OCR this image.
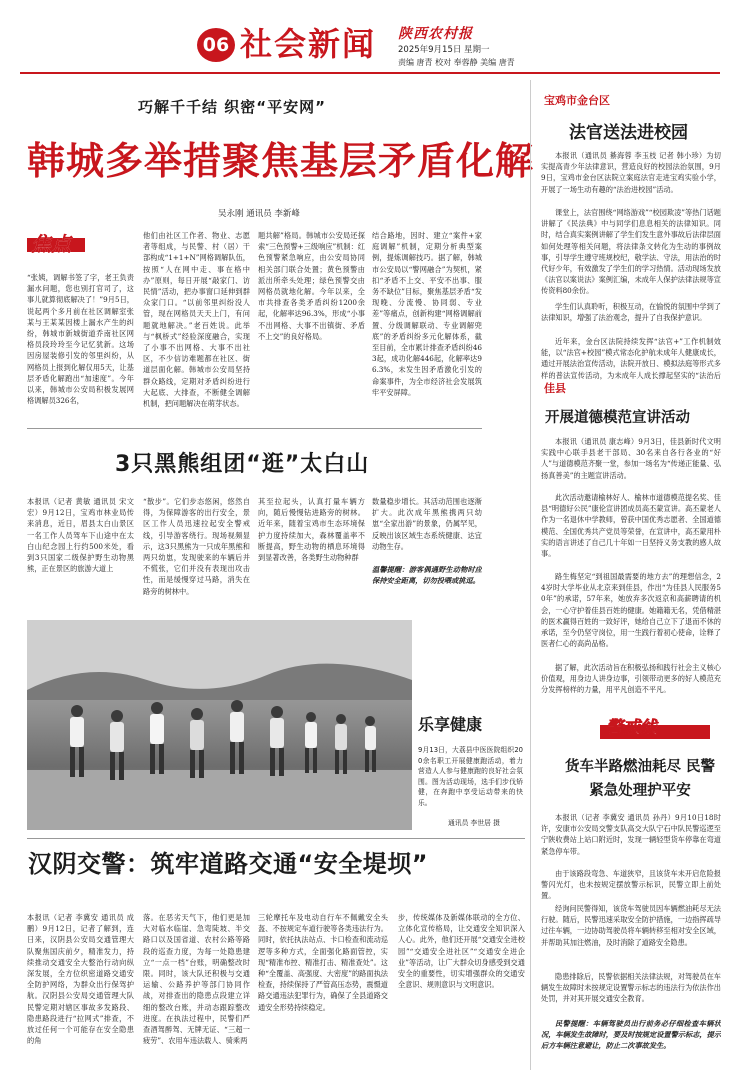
06 社会新闻 陕西农村报
2025年9月15日 星期一
责编 唐青 校对 奉蓉静 美编 唐青
巧解千千结 织密“平安网”
韩城多举措聚焦基层矛盾化解
吴永刚 通讯员 李新峰
焦点
“张姨，调解书签了字，老王负责漏水问题，您也别打官司了，这事儿就算彻底解决了！”9月5日，说起两个多月前在社区调解室张某与王某某因楼上漏水产生的纠纷，韩城市新城街道乔南社区网格员段玲玲至今记忆犹新。这场因房屋装修引发的邻里纠纷，从网格员上报到化解仅用5天，让基层矛盾化解跑出“加速度”。今年以来，韩城市公安局积极发展网格调解员326名，
他们由社区工作者、物业、志愿者等组成，与民警、村（居）干部构成“1+1+N”网格调解队伍，按照“人在网中走、事在格中办”原则，每日开展“敲家门、访民情”活动，把办事窗口延伸到群众家门口。“以前邻里纠纷没人管，现在网格员天天上门，有问题就地解决。”老百姓说。此举与“枫桥式”经验深度融合，实现了小事不出网格、大事不出社区，不少信访难题都在社区、街道层面化解。韩城市公安局坚持群众路线，定期对矛盾纠纷进行大起底、大排查，不断健全调解机制，把问题解决在萌芽状态。
题共解”格局。韩城市公安局还探索“三色预警+三级响应”机制：红色预警紧急响应，由公安局协同相关部门联合处置；黄色预警由派出所牵头处理；绿色预警交由网格员就地化解。今年以来，全市共排查各类矛盾纠纷1200余起，化解率达96.3%，形成“小事不出网格、大事不出镇街、矛盾不上交”的良好格局。
结合路地，因时、建立“案件+家庭调解”机制，定期分析典型案例，提炼调解技巧。据了解，韩城市公安局以“警网融合”为契机，紧扣“矛盾不上交、平安不出事、服务不缺位”目标，聚焦基层矛盾“发现晚、分流慢、协同弱、专业差”等痛点，创新构建“网格调解前置、分级调解联动、专业调解兜底”的矛盾纠纷多元化解体系，截至目前，全市累计排查矛盾纠纷463起，成功化解446起，化解率达96.3%，未发生因矛盾激化引发的命案事件，为全市经济社会发展筑牢平安屏障。
3只黑熊组团“逛”太白山
本报讯（记者 黄敏 通讯员 宋文宏）9月12日，宝鸡市林业局传来消息，近日，眉县太白山景区一名工作人员驾车下山途中在太白山纪念园上行约500米处，看到3只国家二级保护野生动物黑熊，正在景区的旅游大道上
“散步”。它们步态悠闲，悠然自得，为保障游客的出行安全，景区工作人员迅速拉起安全警戒线，引导游客绕行。现场视频显示，这3只黑熊为一只成年黑熊和两只幼崽，发现驶来的车辆后并不慌张，它们并没有表现出攻击性，而是缓慢穿过马路，消失在路旁的树林中。
其至拉起头，认真打量车辆方向，随后慢慢钻进路旁的树林。近年来，随着宝鸡市生态环境保护力度持续加大，森林覆盖率不断提高，野生动物的栖息环境得到显著改善，各类野生动物种群
数量稳步增长。其活动范围也逐渐扩大。此次成年黑熊携两只幼崽“全家出游”的景象，仍属罕见，反映出该区域生态系统健康、达宜动物生存。
温馨提醒：游客偶遇野生动物时应保持安全距离，切勿投喂或挑逗。
乐享健康
9月13日，大荔县中医医院组织200余名职工开展健康跑活动，着力营造人人参与健康跑的良好社会氛围。图为活动现场，选手们步伐矫健，在奔跑中享受运动带来的快乐。
通讯员 李世居 摄
汉阴交警：筑牢道路交通“安全堤坝”
本报讯（记者 李冀安 通讯员 成鹏）9月12日，记者了解到，连日来，汉阴县公安局交通管理大队聚焦国庆前夕，精准发力，持续推动交通安全大整治行动向纵深发展，全方位织密道路交通安全防护网络，为群众出行保驾护航。汉阴县公安局交通管理大队民警定期对辖区事故多发路段、隐患路段进行“拉网式”排查，不放过任何一个可能存在安全隐患的角
落。在恶劣天气下，他们更是加大对临水临崖、急弯陡坡、半交路口以及国省道、农村公路等路段的巡查力度，为每一处隐患建立“一点一档”台账，明确整改时限。同时，该大队还积极与交通运输、公路养护等部门协同作战，对排查出的隐患点段建立详细的整改台账，并动态跟踪整改进度。在执法过程中，民警们严查酒驾醉驾、无牌无证、“三超一疲劳”、农用车违法载人、骑乘两
三轮摩托车及电动自行车不佩戴安全头盔、不按规定车道行驶等各类违法行为。同时，依托执法站点、卡口检查和流动巡逻等多种方式，全面强化路面管控，实现“精准布控、精准打击、精准查处”。这种“全覆盖、高强度、大密度”的路面执法检查，持续保持了严管高压态势，震慑道路交通违法犯罪行为，确保了全县道路交通安全形势持续稳定。
步，传统媒体及新媒体联动的全方位、立体化宣传格局，让交通安全知识深入人心。此外，他们还开展“交通安全进校园”“交通安全进社区”“交通安全进企业”等活动，让广大群众切身感受到交通安全的重要性，切实增强群众的交通安全意识、规则意识与文明意识。
宝鸡市金台区
法官送法进校园
本报讯（通讯员 綦海蓉 李玉枝 记者 韩小珍）为切实提高青少年法律意识，营造良好的校园法治氛围，9月9日，宝鸡市金台区法院立案庭法官走进宝鸡实验小学，开展了一场生动有趣的“法治进校园”活动。
课堂上，法官围绕“网络游戏”“校园欺凌”等热门话题讲解了《民法典》中与同学们息息相关的法律知识。同时，结合真实案例讲解了学生们发生意外事故后法律层面如何处理等相关问题，将法律条文转化为生动的事例故事，引导学生遵守班规校纪，敬学法、守法，用法治的时代好少年，有效激发了学生们的学习热情。活动现场发放《法官以案说法》案例汇编，未成年人保护法律法规等宣传资料80余份。
学生们认真聆听，积极互动，在愉悦的氛围中学到了法律知识，增强了法治观念，提升了自我保护意识。
近年来，金台区法院持续发挥“法官+”工作机制效能，以“法官+校园”模式常态化护航未成年人健康成长，通过开展法治宣传活动，法院开放日、模拟法庭等形式多样的普法宣传活动，为未成年人成长撑起坚实的“法治后
佳县
开展道德模范宣讲活动
本报讯（通讯员 康志峰）9月3日，佳县新时代文明实践中心联手县老干部局、30名来自各行各业的“好人”与道德模范齐聚一堂，参加一场名为“传递正能量、弘扬真善美”的主题宣讲活动。
此次活动邀请榆林好人、榆林市道德模范提名奖、佳县“明德好公民”康伦宣讲团成员高丕蒙宣讲。高丕蒙老人作为一名退休中学教师，曾获中国优秀志愿者、全国道德模范、全国优秀共产党员等荣誉，在宣讲中，高丕蒙用朴实的语言讲述了自己几十年如一日坚持义务支教的感人故事。
路生梅坚定“到祖国最需要的地方去”的理想信念，24岁时大学毕业从北京来到佳县，作出“为佳县人民服务50年”的承诺，57年来，她放弃多次返京和高薪聘请的机会，一心守护着佳县百姓的健康。她籍籍无名，凭借精湛的医术赢得百姓的一致好评，她给自己立下了退而不休的承诺，至今仍坚守岗位，用一生践行着初心使命，诠释了医者仁心的高尚品格。
据了解，此次活动旨在积极弘扬和践行社会主义核心价值观，用身边人讲身边事，引领带动更多的好人模范充分发挥榜样的力量，用平凡创造不平凡。
警戒线
货车半路燃油耗尽 民警紧急处理护平安
本报讯（记者 李冀安 通讯员 孙丹）9月10日18时许，安康市公安局交警支队高交大队宁石中队民警巡逻至宁陕收费站上站口附近时，发现一辆轻型货车停靠在弯道紧急停车带。
由于该路段弯急、车道狭窄，且该货车未开启危险报警闪光灯，也未按规定摆放警示标识，民警立即上前处置。
经询问民警得知，该货车驾驶员因车辆燃油耗尽无法行驶。随后，民警迅速采取安全防护措施，一边指挥疏导过往车辆，一边协助驾驶员将车辆转移至相对安全区域，并帮助其加注燃油，及时消除了道路安全隐患。
隐患排除后，民警依据相关法律法规，对驾驶员在车辆发生故障时未按规定设置警示标志的违法行为依法作出处罚，并对其开展交通安全教育。
民警提醒：车辆驾驶员出行前务必仔细检查车辆状况，车辆发生故障时，要及时按规定设置警示标志，提示后方车辆注意避让，防止二次事故发生。
